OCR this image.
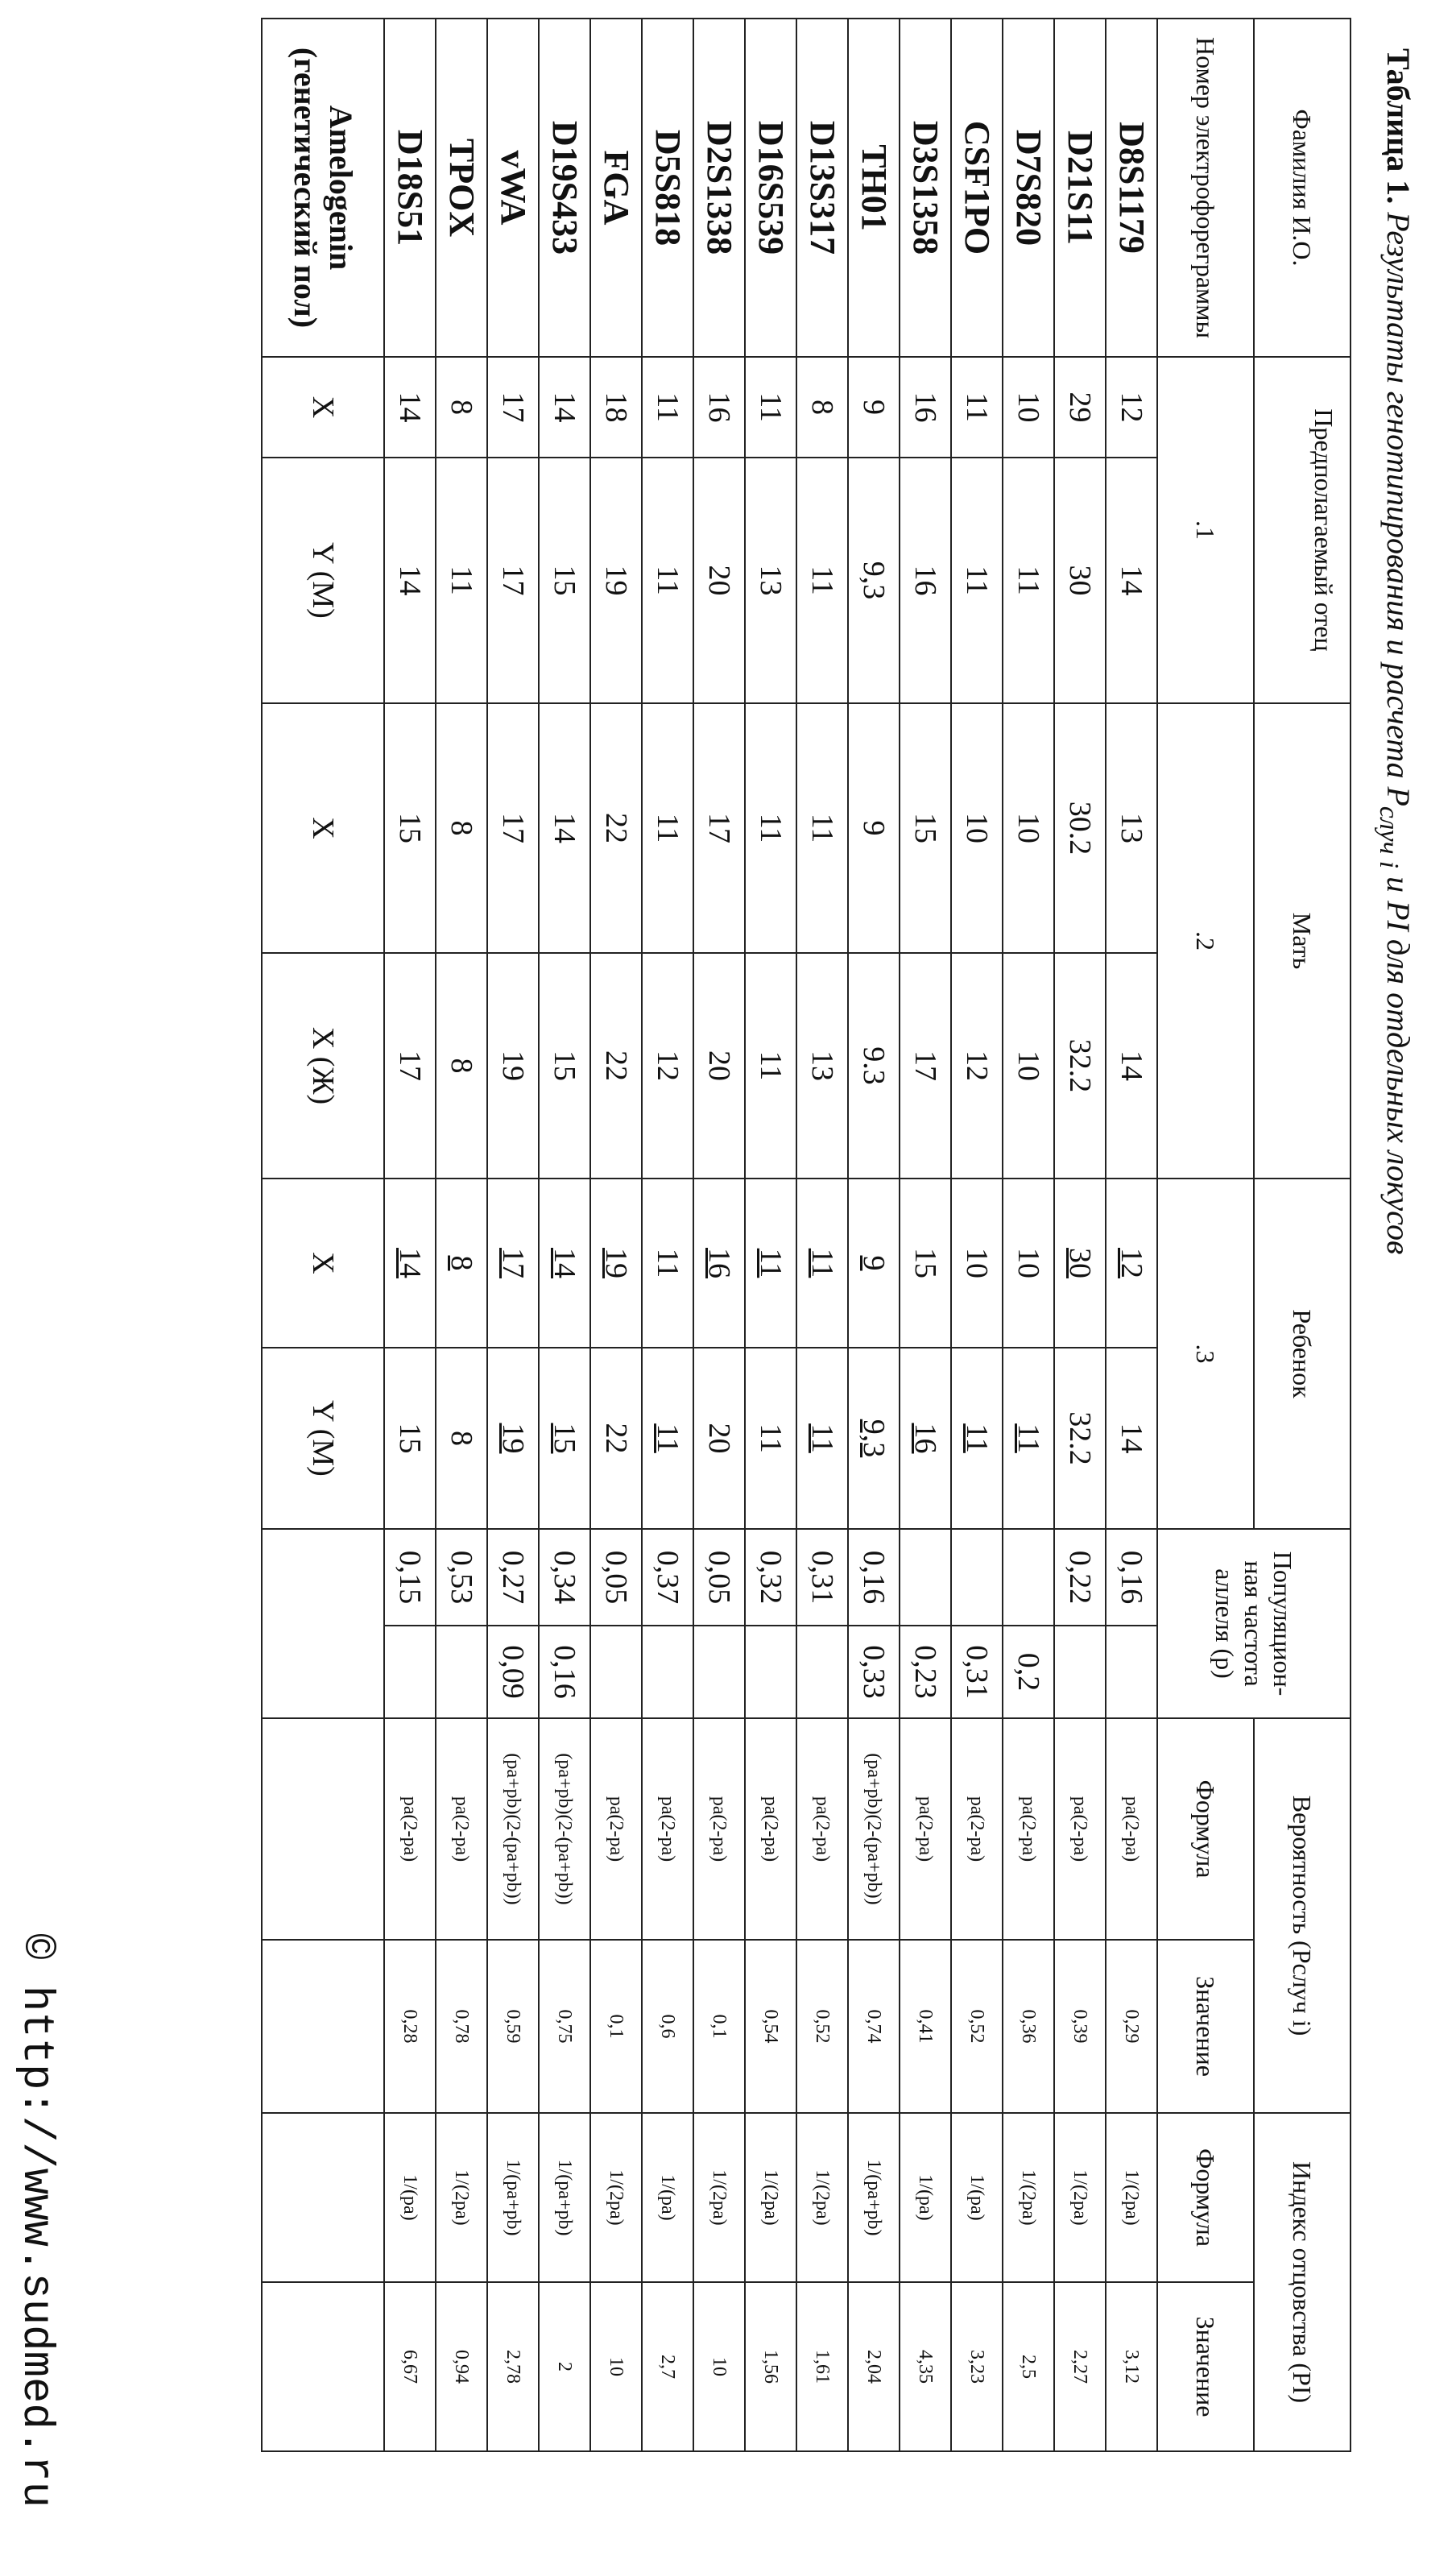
Таблица 1. Результаты генотипирования и расчета $P_{случ i}$ и PI для отдельных локусов
Фамилия И.О.	Предполагаемый отец		Мать		Ребенок		Популяцион-ная частота аллеля (p)		Вероятность (Pслуч i)		Индекс отцовства (PI)	
Номер электрофореграммы	.1		.2		.3				Формула	Значение	Формула	Значение
D8S1179	12	14	13	14	12	14	0,16		pa(2-pa)	0,29	1/(2pa)	3,12
D21S11	29	30	30.2	32.2	30	32.2	0,22		pa(2-pa)	0,39	1/(2pa)	2,27
D7S820	10	11	10	10	10	11		0,2	pa(2-pa)	0,36	1/(2pa)	2,5
CSF1PO	11	11	10	12	10	11		0,31	pa(2-pa)	0,52	1/(pa)	3,23
D3S1358	16	16	15	17	15	16		0,23	pa(2-pa)	0,41	1/(pa)	4,35
TH01	9	9,3	9	9.3	9	9,3	0,16	0,33	(pa+pb)(2-(pa+pb))	0,74	1/(pa+pb)	2,04
D13S317	8	11	11	13	11	11	0,31		pa(2-pa)	0,52	1/(2pa)	1,61
D16S539	11	13	11	11	11	11	0,32		pa(2-pa)	0,54	1/(2pa)	1,56
D2S1338	16	20	17	20	16	20	0,05		pa(2-pa)	0,1	1/(2pa)	10
D5S818	11	11	11	12	11	11	0,37		pa(2-pa)	0,6	1/(pa)	2,7
FGA	18	19	22	22	19	22	0,05		pa(2-pa)	0,1	1/(2pa)	10
D19S433	14	15	14	15	14	15	0,34	0,16	(pa+pb)(2-(pa+pb))	0,75	1/(pa+pb)	2
vWA	17	17	17	19	17	19	0,27	0,09	(pa+pb)(2-(pa+pb))	0,59	1/(pa+pb)	2,78
TPOX	8	11	8	8	8	8	0,53		pa(2-pa)	0,78	1/(2pa)	0,94
D18S51	14	14	15	17	14	15	0,15		pa(2-pa)	0,28	1/(pa)	6,67
Amelogenin (генетический пол)	X	Y (M)	X	X (Ж)	X	Y (M)						
© http://www.sudmed.ru
